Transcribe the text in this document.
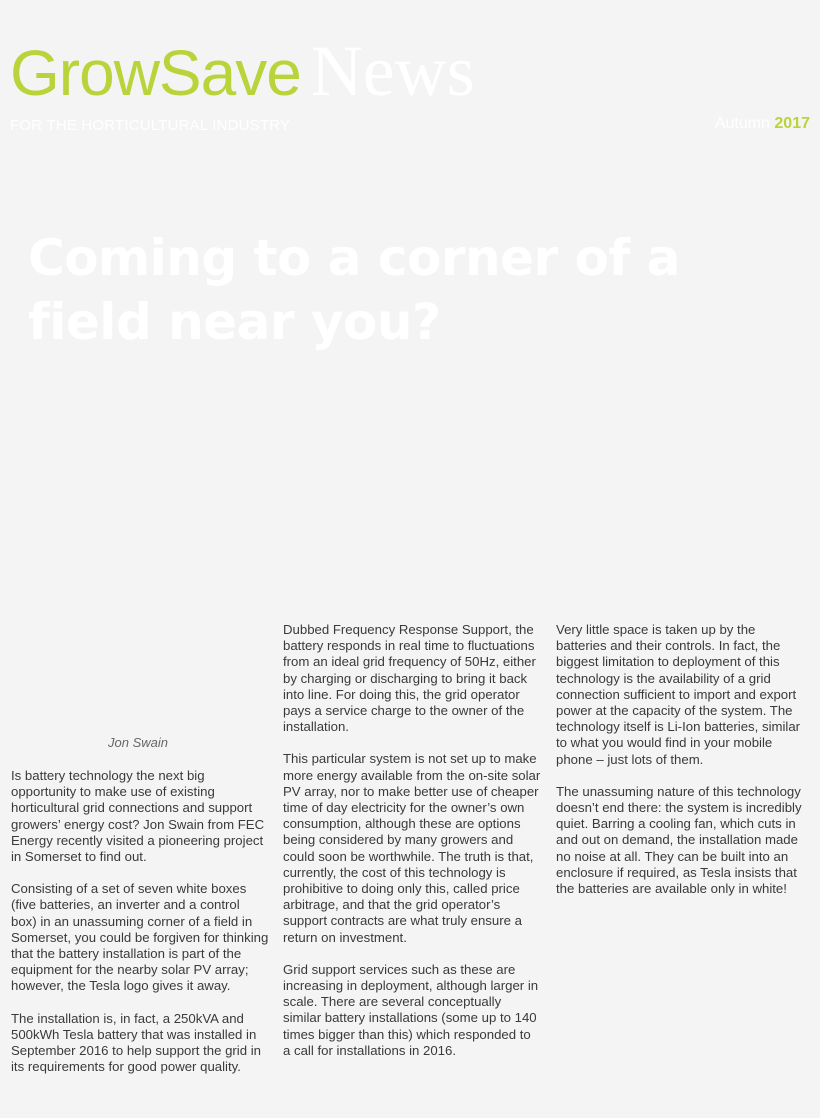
GrowSave News
FOR THE HORTICULTURAL INDUSTRY	Autumn 2017
Coming to a corner of a
field near you?
Jon Swain

Is battery technology the next big opportunity to make use of existing horticultural grid connections and support growers’ energy cost? Jon Swain from FEC Energy recently visited a pioneering project in Somerset to find out.

Consisting of a set of seven white boxes (five batteries, an inverter and a control box) in an unassuming corner of a field in Somerset, you could be forgiven for thinking that the battery installation is part of the equipment for the nearby solar PV array; however, the Tesla logo gives it away.

The installation is, in fact, a 250kVA and 500kWh Tesla battery that was installed in September 2016 to help support the grid in its requirements for good power quality.

Dubbed Frequency Response Support, the battery responds in real time to fluctuations from an ideal grid frequency of 50Hz, either by charging or discharging to bring it back into line. For doing this, the grid operator pays a service charge to the owner of the installation.

This particular system is not set up to make more energy available from the on-site solar PV array, nor to make better use of cheaper time of day electricity for the owner’s own consumption, although these are options being considered by many growers and could soon be worthwhile. The truth is that, currently, the cost of this technology is prohibitive to doing only this, called price arbitrage, and that the grid operator’s support contracts are what truly ensure a return on investment.

Grid support services such as these are increasing in deployment, although larger in scale. There are several conceptually similar battery installations (some up to 140 times bigger than this) which responded to a call for installations in 2016.

Very little space is taken up by the batteries and their controls. In fact, the biggest limitation to deployment of this technology is the availability of a grid connection sufficient to import and export power at the capacity of the system. The technology itself is Li-Ion batteries, similar to what you would find in your mobile phone – just lots of them.

The unassuming nature of this technology doesn’t end there: the system is incredibly quiet. Barring a cooling fan, which cuts in and out on demand, the installation made no noise at all. They can be built into an enclosure if required, as Tesla insists that the batteries are available only in white!
